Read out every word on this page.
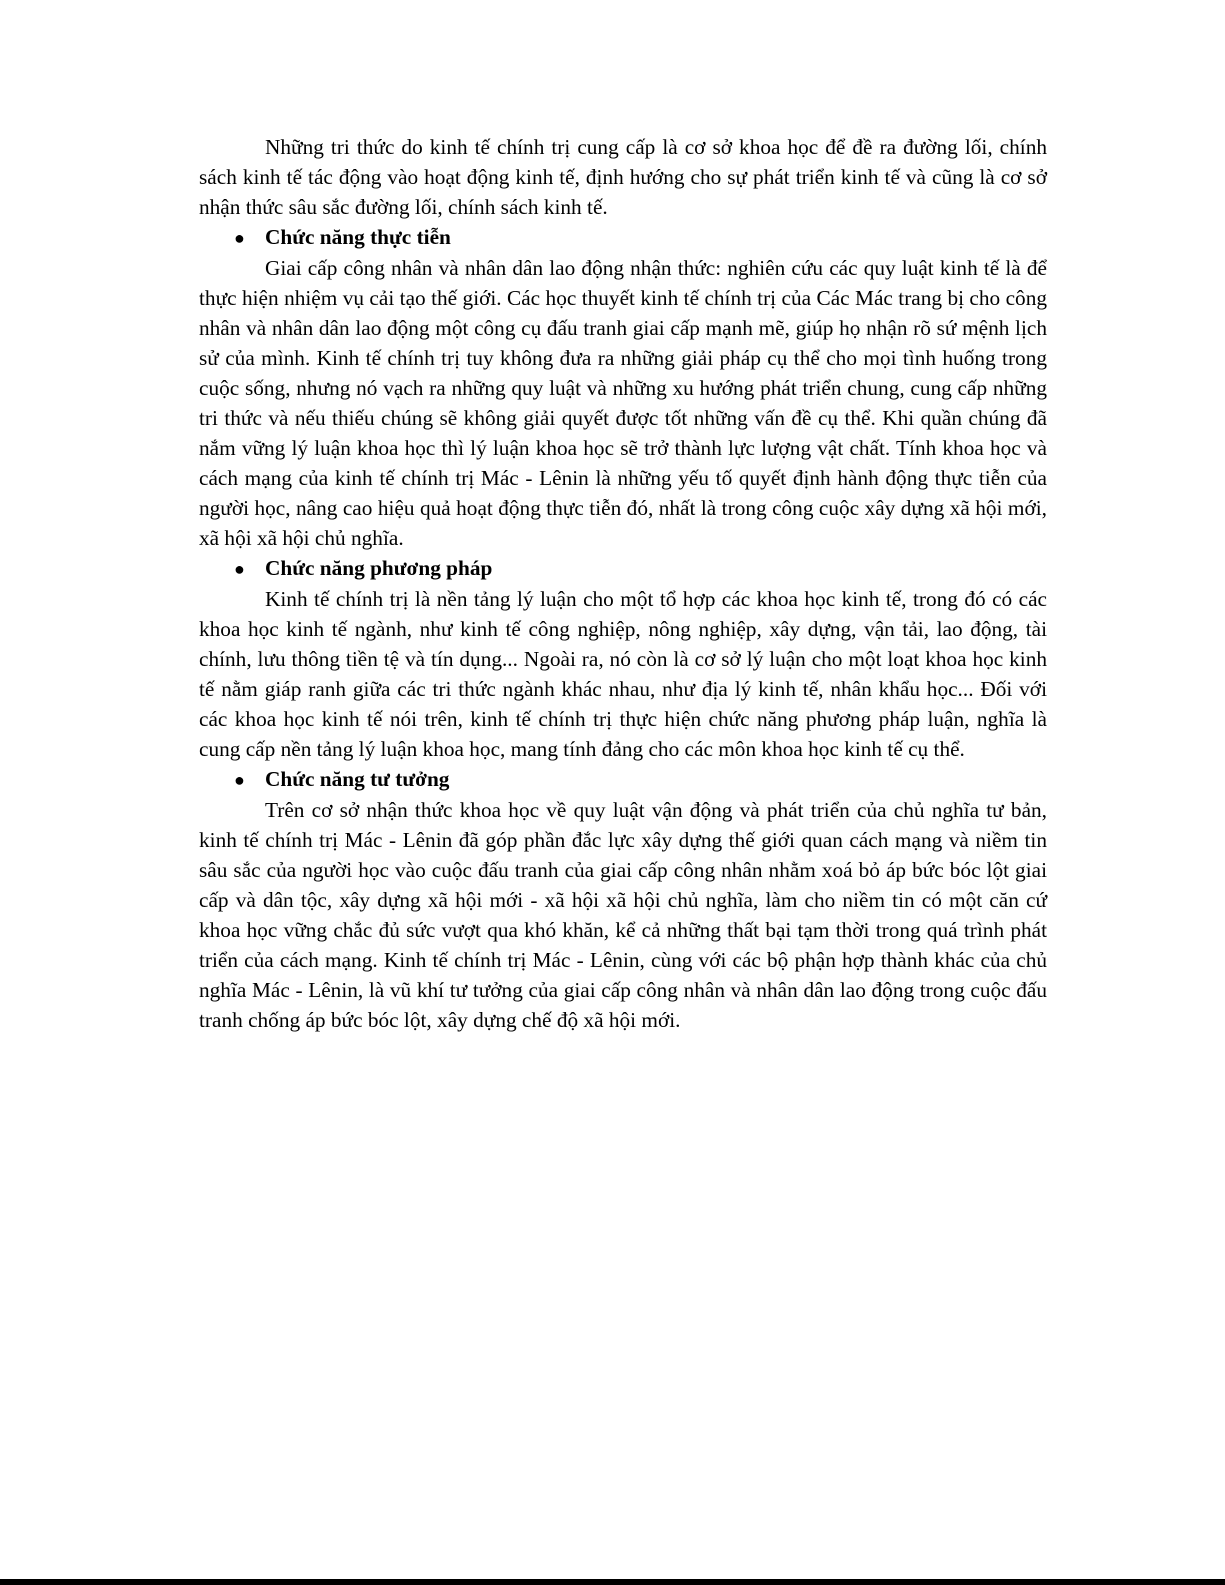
Những tri thức do kinh tế chính trị cung cấp là cơ sở khoa học để đề ra đường lối, chính sách kinh tế tác động vào hoạt động kinh tế, định hướng cho sự phát triển kinh tế và cũng là cơ sở nhận thức sâu sắc đường lối, chính sách kinh tế.

● Chức năng thực tiễn

Giai cấp công nhân và nhân dân lao động nhận thức: nghiên cứu các quy luật kinh tế là để thực hiện nhiệm vụ cải tạo thế giới. Các học thuyết kinh tế chính trị của Các Mác trang bị cho công nhân và nhân dân lao động một công cụ đấu tranh giai cấp mạnh mẽ, giúp họ nhận rõ sứ mệnh lịch sử của mình. Kinh tế chính trị tuy không đưa ra những giải pháp cụ thể cho mọi tình huống trong cuộc sống, nhưng nó vạch ra những quy luật và những xu hướng phát triển chung, cung cấp những tri thức và nếu thiếu chúng sẽ không giải quyết được tốt những vấn đề cụ thể. Khi quần chúng đã nắm vững lý luận khoa học thì lý luận khoa học sẽ trở thành lực lượng vật chất. Tính khoa học và cách mạng của kinh tế chính trị Mác - Lênin là những yếu tố quyết định hành động thực tiễn của người học, nâng cao hiệu quả hoạt động thực tiễn đó, nhất là trong công cuộc xây dựng xã hội mới, xã hội xã hội chủ nghĩa.

● Chức năng phương pháp

Kinh tế chính trị là nền tảng lý luận cho một tổ hợp các khoa học kinh tế, trong đó có các khoa học kinh tế ngành, như kinh tế công nghiệp, nông nghiệp, xây dựng, vận tải, lao động, tài chính, lưu thông tiền tệ và tín dụng... Ngoài ra, nó còn là cơ sở lý luận cho một loạt khoa học kinh tế nằm giáp ranh giữa các tri thức ngành khác nhau, như địa lý kinh tế, nhân khẩu học... Đối với các khoa học kinh tế nói trên, kinh tế chính trị thực hiện chức năng phương pháp luận, nghĩa là cung cấp nền tảng lý luận khoa học, mang tính đảng cho các môn khoa học kinh tế cụ thể.

● Chức năng tư tưởng

Trên cơ sở nhận thức khoa học về quy luật vận động và phát triển của chủ nghĩa tư bản, kinh tế chính trị Mác - Lênin đã góp phần đắc lực xây dựng thế giới quan cách mạng và niềm tin sâu sắc của người học vào cuộc đấu tranh của giai cấp công nhân nhằm xoá bỏ áp bức bóc lột giai cấp và dân tộc, xây dựng xã hội mới - xã hội xã hội chủ nghĩa, làm cho niềm tin có một căn cứ khoa học vững chắc đủ sức vượt qua khó khăn, kể cả những thất bại tạm thời trong quá trình phát triển của cách mạng. Kinh tế chính trị Mác - Lênin, cùng với các bộ phận hợp thành khác của chủ nghĩa Mác - Lênin, là vũ khí tư tưởng của giai cấp công nhân và nhân dân lao động trong cuộc đấu tranh chống áp bức bóc lột, xây dựng chế độ xã hội mới.
